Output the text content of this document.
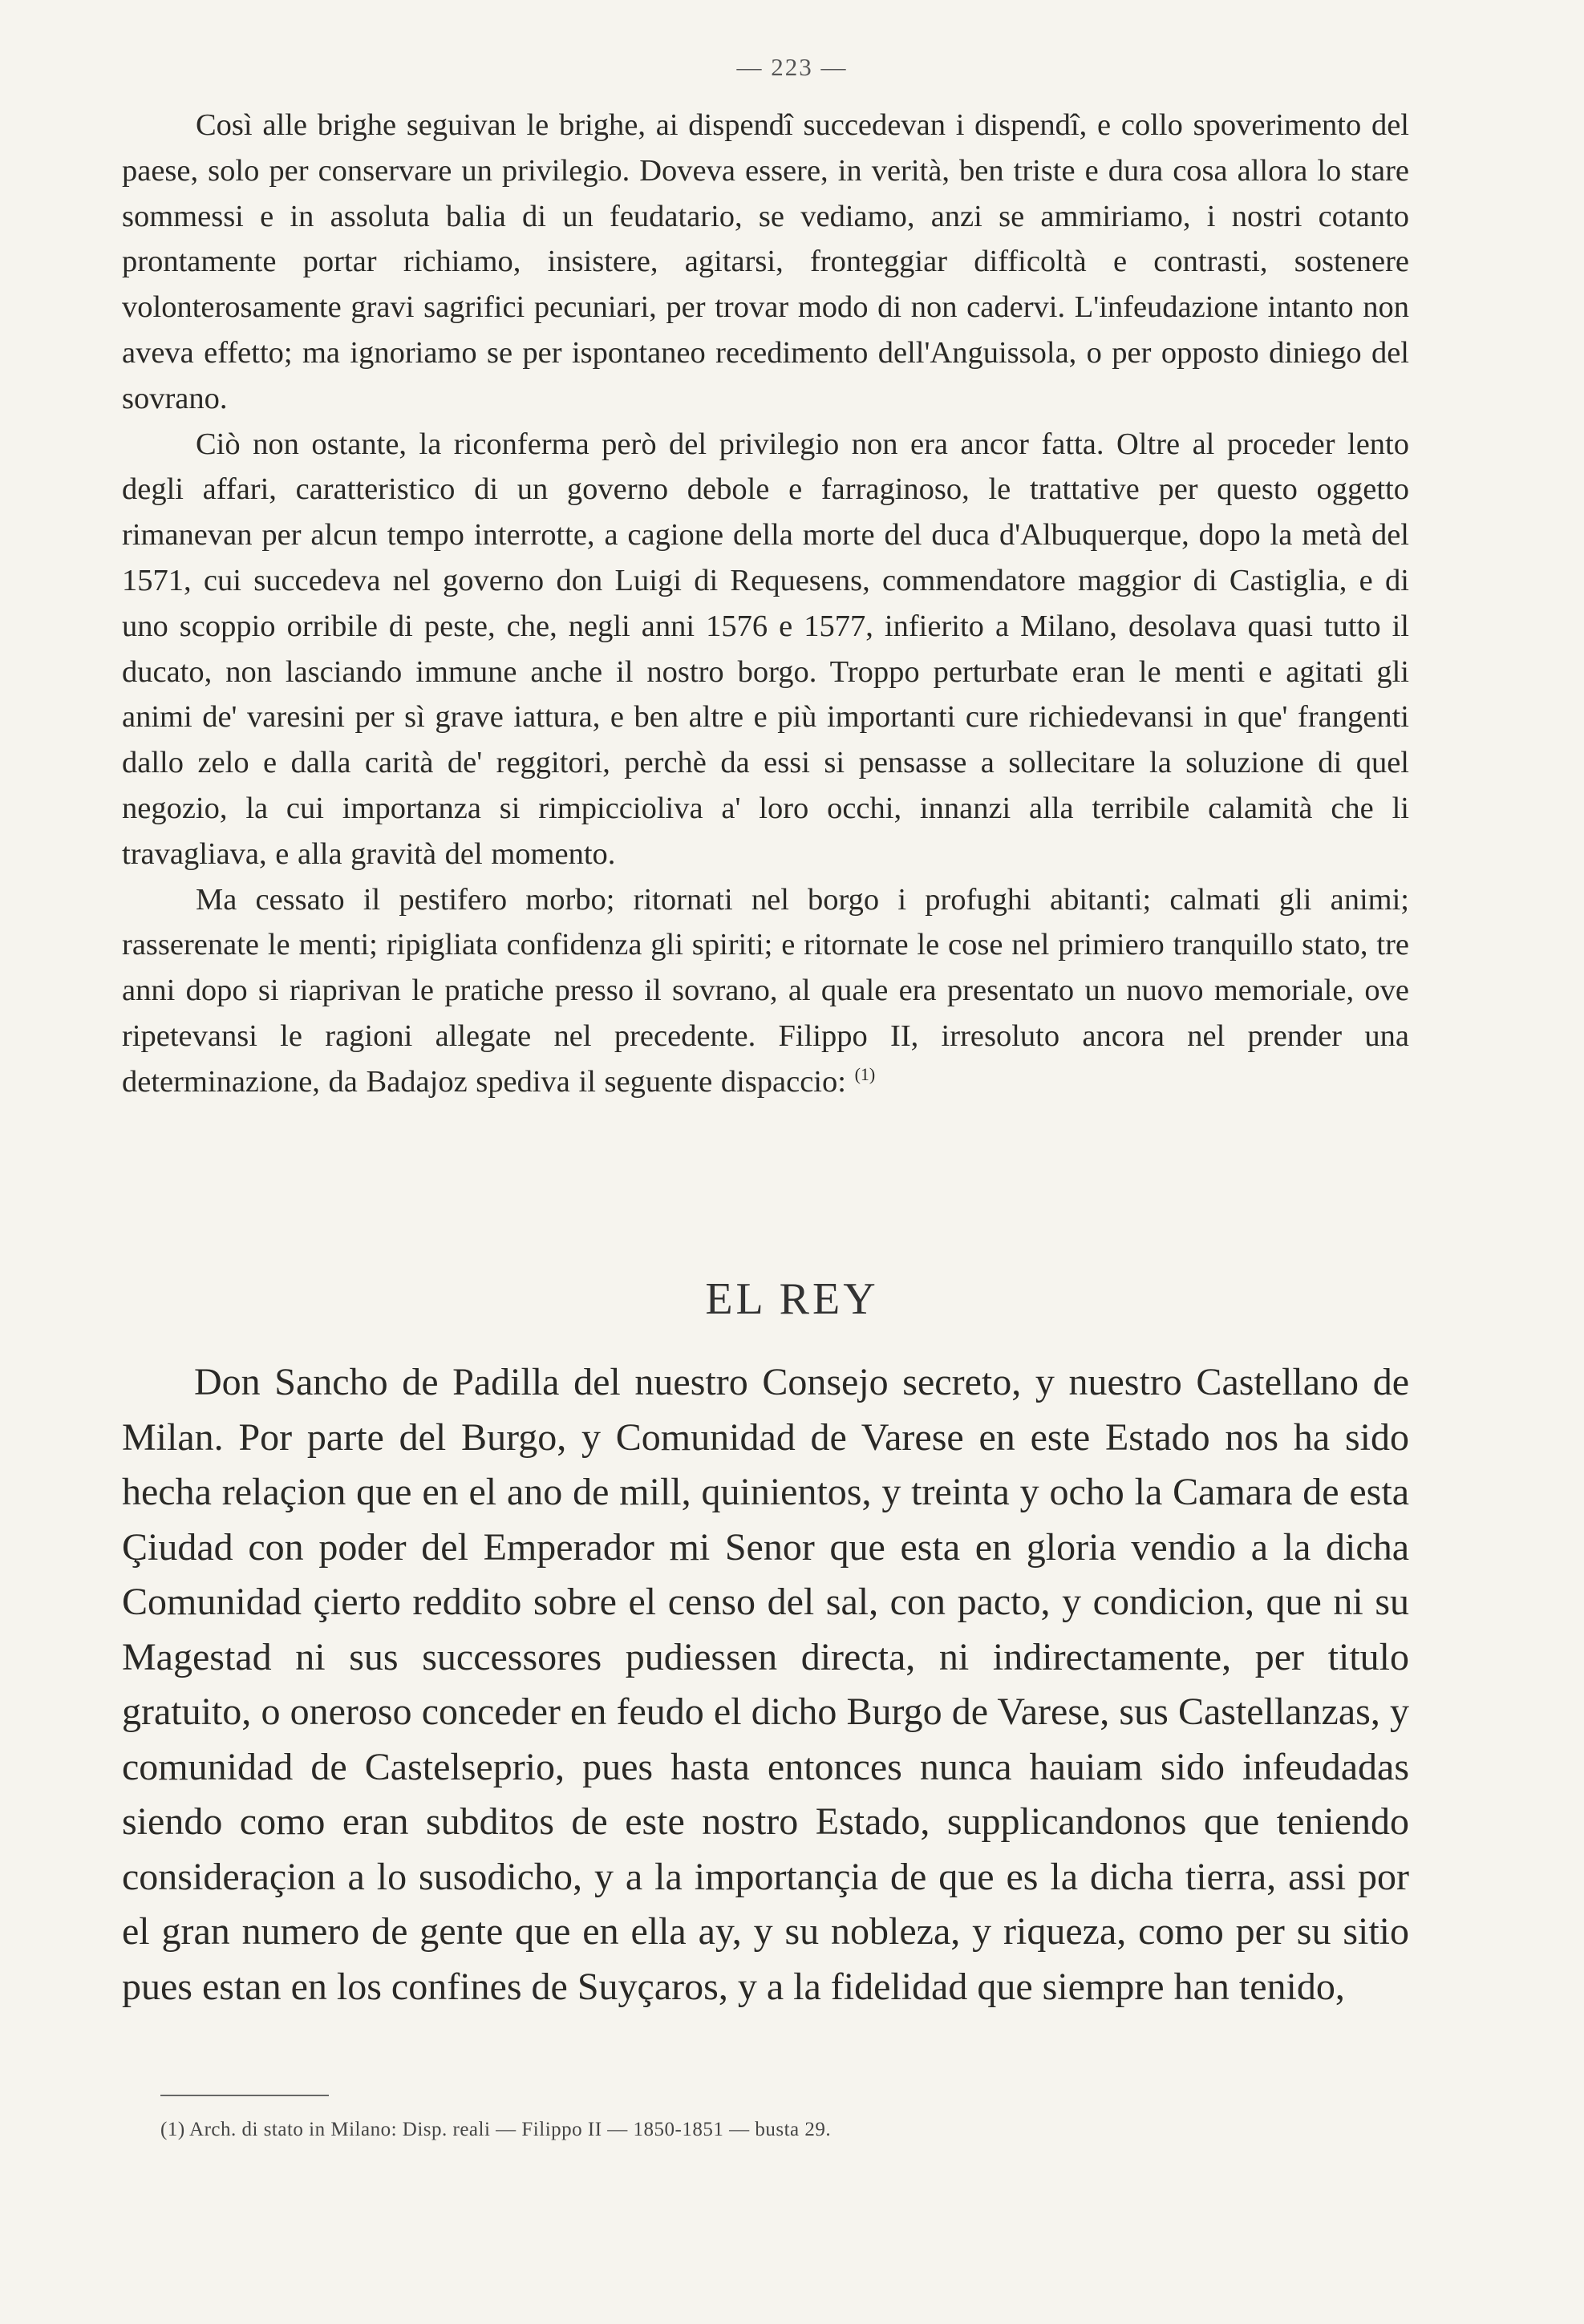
— 223 —

Così alle brighe seguivan le brighe, ai dispendî succedevan i dispendî, e collo spoverimento del paese, solo per conservare un privilegio. Doveva essere, in verità, ben triste e dura cosa allora lo stare sommessi e in assoluta balia di un feudatario, se vediamo, anzi se ammiriamo, i nostri cotanto prontamente portar richiamo, insistere, agitarsi, fronteggiar difficoltà e contrasti, sostenere volonterosamente gravi sagrifici pecuniari, per trovar modo di non cadervi. L'infeudazione intanto non aveva effetto; ma ignoriamo se per ispontaneo recedimento dell'Anguissola, o per opposto diniego del sovrano.

Ciò non ostante, la riconferma però del privilegio non era ancor fatta. Oltre al proceder lento degli affari, caratteristico di un governo debole e farraginoso, le trattative per questo oggetto rimanevan per alcun tempo interrotte, a cagione della morte del duca d'Albuquerque, dopo la metà del 1571, cui succedeva nel governo don Luigi di Requesens, commendatore maggior di Castiglia, e di uno scoppio orribile di peste, che, negli anni 1576 e 1577, infierito a Milano, desolava quasi tutto il ducato, non lasciando immune anche il nostro borgo. Troppo perturbate eran le menti e agitati gli animi de' varesini per sì grave iattura, e ben altre e più importanti cure richiedevansi in que' frangenti dallo zelo e dalla carità de' reggitori, perchè da essi si pensasse a sollecitare la soluzione di quel negozio, la cui importanza si rimpiccioliva a' loro occhi, innanzi alla terribile calamità che li travagliava, e alla gravità del momento.

Ma cessato il pestifero morbo; ritornati nel borgo i profughi abitanti; calmati gli animi; rasserenate le menti; ripigliata confidenza gli spiriti; e ritornate le cose nel primiero tranquillo stato, tre anni dopo si riaprivan le pratiche presso il sovrano, al quale era presentato un nuovo memoriale, ove ripetevansi le ragioni allegate nel precedente. Filippo II, irresoluto ancora nel prender una determinazione, da Badajoz spediva il seguente dispaccio: $^{(1)}$

EL REY

Don Sancho de Padilla del nuestro Consejo secreto, y nuestro Castellano de Milan. Por parte del Burgo, y Comunidad de Varese en este Estado nos ha sido hecha relaçion que en el ano de mill, quinientos, y treinta y ocho la Camara de esta Çiudad con poder del Emperador mi Senor que esta en gloria vendio a la dicha Comunidad çierto reddito sobre el censo del sal, con pacto, y condicion, que ni su Magestad ni sus successores pudiessen directa, ni indirectamente, per titulo gratuito, o oneroso conceder en feudo el dicho Burgo de Varese, sus Castellanzas, y comunidad de Castelseprio, pues hasta entonces nunca hauiam sido infeudadas siendo como eran subditos de este nostro Estado, supplicandonos que teniendo consideraçion a lo susodicho, y a la importançia de que es la dicha tierra, assi por el gran numero de gente que en ella ay, y su nobleza, y riqueza, como per su sitio pues estan en los confines de Suyçaros, y a la fidelidad que siempre han tenido,

(1) Arch. di stato in Milano: Disp. reali — Filippo II — 1850-1851 — busta 29.
